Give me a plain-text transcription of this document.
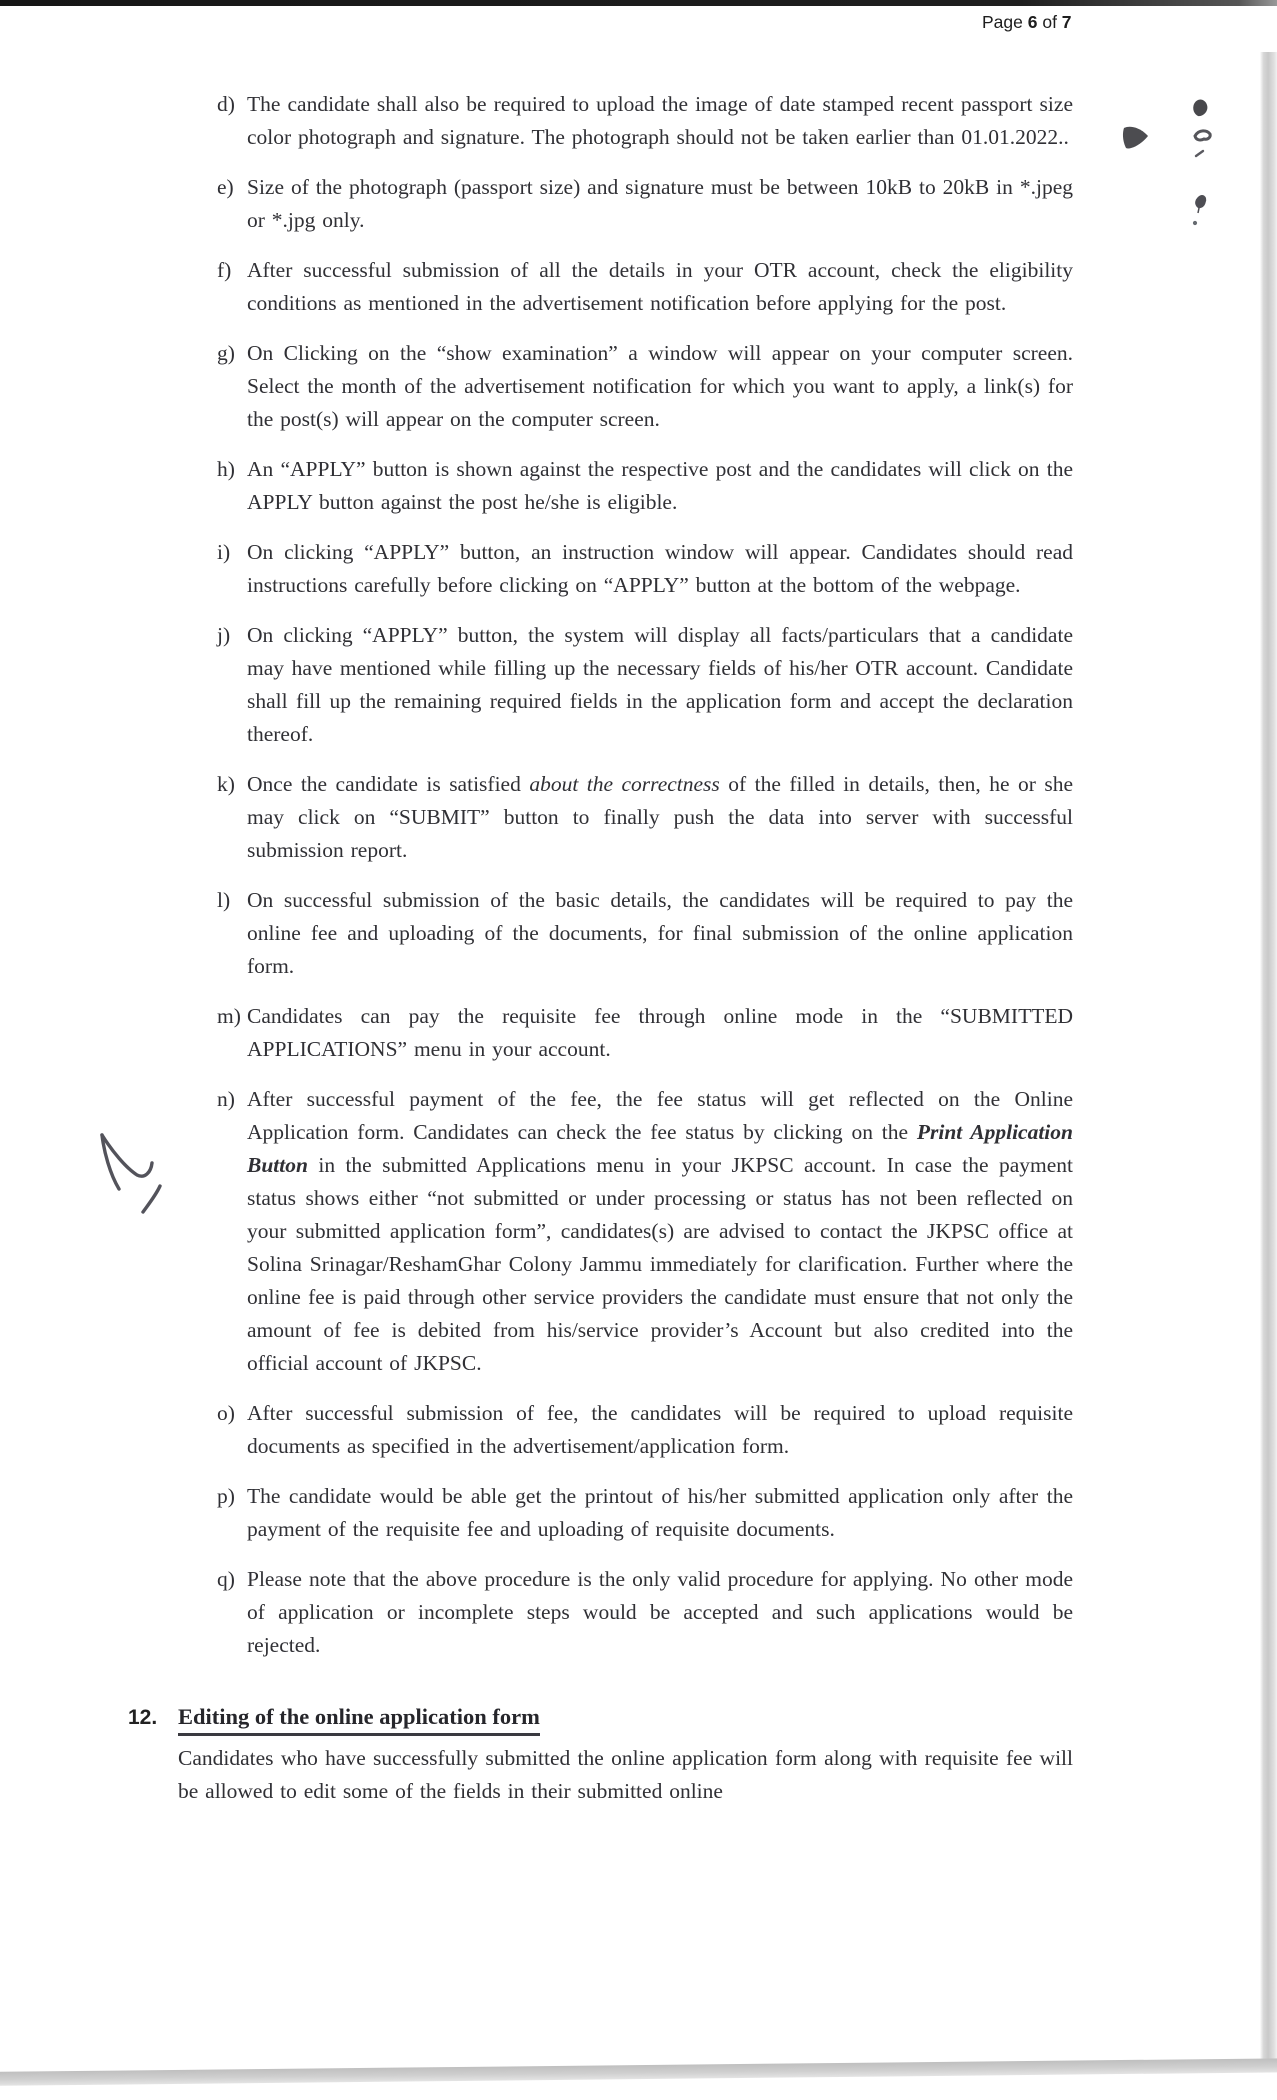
Page 6 of 7
d) The candidate shall also be required to upload the image of date stamped recent passport size color photograph and signature. The photograph should not be taken earlier than 01.01.2022..

e) Size of the photograph (passport size) and signature must be between 10kB to 20kB in *.jpeg or *.jpg only.

f) After successful submission of all the details in your OTR account, check the eligibility conditions as mentioned in the advertisement notification before applying for the post.

g) On Clicking on the “show examination” a window will appear on your computer screen. Select the month of the advertisement notification for which you want to apply, a link(s) for the post(s) will appear on the computer screen.

h) An “APPLY” button is shown against the respective post and the candidates will click on the APPLY button against the post he/she is eligible.

i) On clicking “APPLY” button, an instruction window will appear. Candidates should read instructions carefully before clicking on “APPLY” button at the bottom of the webpage.

j) On clicking “APPLY” button, the system will display all facts/particulars that a candidate may have mentioned while filling up the necessary fields of his/her OTR account. Candidate shall fill up the remaining required fields in the application form and accept the declaration thereof.

k) Once the candidate is satisfied about the correctness of the filled in details, then, he or she may click on “SUBMIT” button to finally push the data into server with successful submission report.

l) On successful submission of the basic details, the candidates will be required to pay the online fee and uploading of the documents, for final submission of the online application form.

m) Candidates can pay the requisite fee through online mode in the “SUBMITTED APPLICATIONS” menu in your account.

n) After successful payment of the fee, the fee status will get reflected on the Online Application form. Candidates can check the fee status by clicking on the Print Application Button in the submitted Applications menu in your JKPSC account. In case the payment status shows either “not submitted or under processing or status has not been reflected on your submitted application form”, candidates(s) are advised to contact the JKPSC office at Solina Srinagar/ReshamGhar Colony Jammu immediately for clarification. Further where the online fee is paid through other service providers the candidate must ensure that not only the amount of fee is debited from his/service provider’s Account but also credited into the official account of JKPSC.

o) After successful submission of fee, the candidates will be required to upload requisite documents as specified in the advertisement/application form.

p) The candidate would be able get the printout of his/her submitted application only after the payment of the requisite fee and uploading of requisite documents.

q) Please note that the above procedure is the only valid procedure for applying. No other mode of application or incomplete steps would be accepted and such applications would be rejected.

12. Editing of the online application form

Candidates who have successfully submitted the online application form along with requisite fee will be allowed to edit some of the fields in their submitted online
